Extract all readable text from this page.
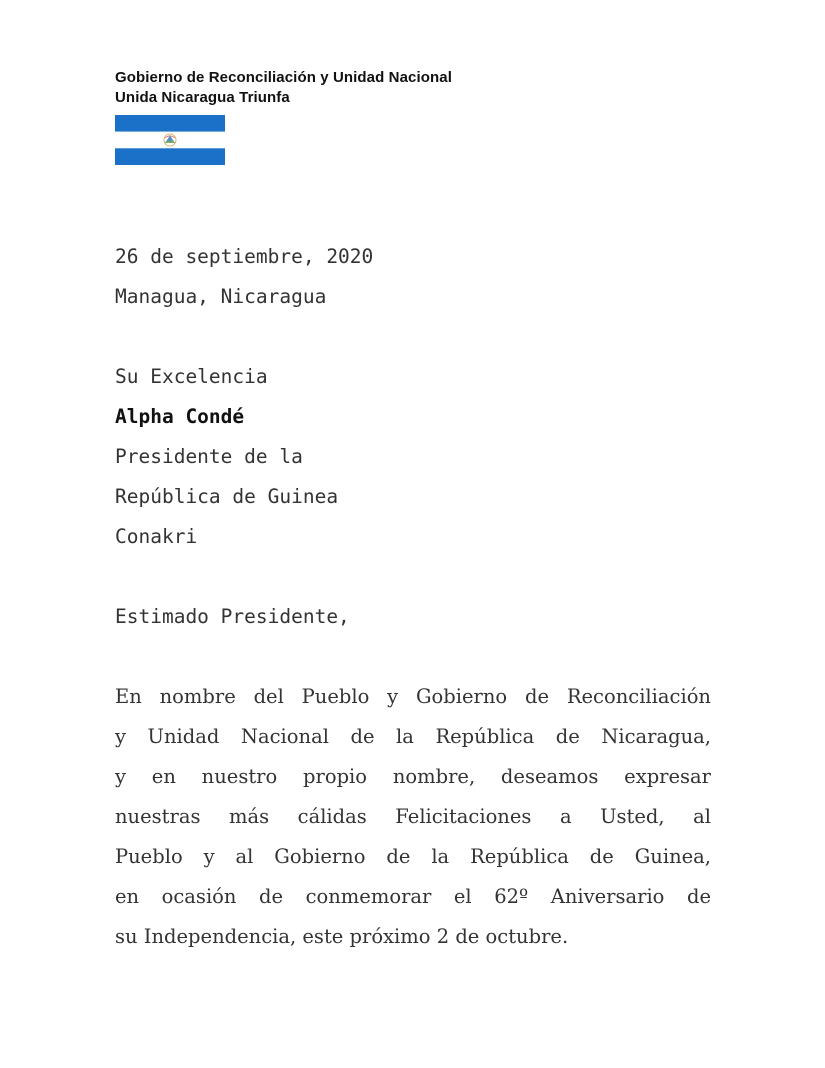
Gobierno de Reconciliación y Unidad Nacional
Unida Nicaragua Triunfa
26 de septiembre, 2020
Managua, Nicaragua
Su Excelencia
Alpha Condé
Presidente de la
República de Guinea
Conakri
Estimado Presidente,
En nombre del Pueblo y Gobierno de Reconciliación
y Unidad Nacional de la República de Nicaragua,
y en nuestro propio nombre, deseamos expresar
nuestras más cálidas Felicitaciones a Usted, al
Pueblo y al Gobierno de la República de Guinea,
en ocasión de conmemorar el 62º Aniversario de
su Independencia, este próximo 2 de octubre.
